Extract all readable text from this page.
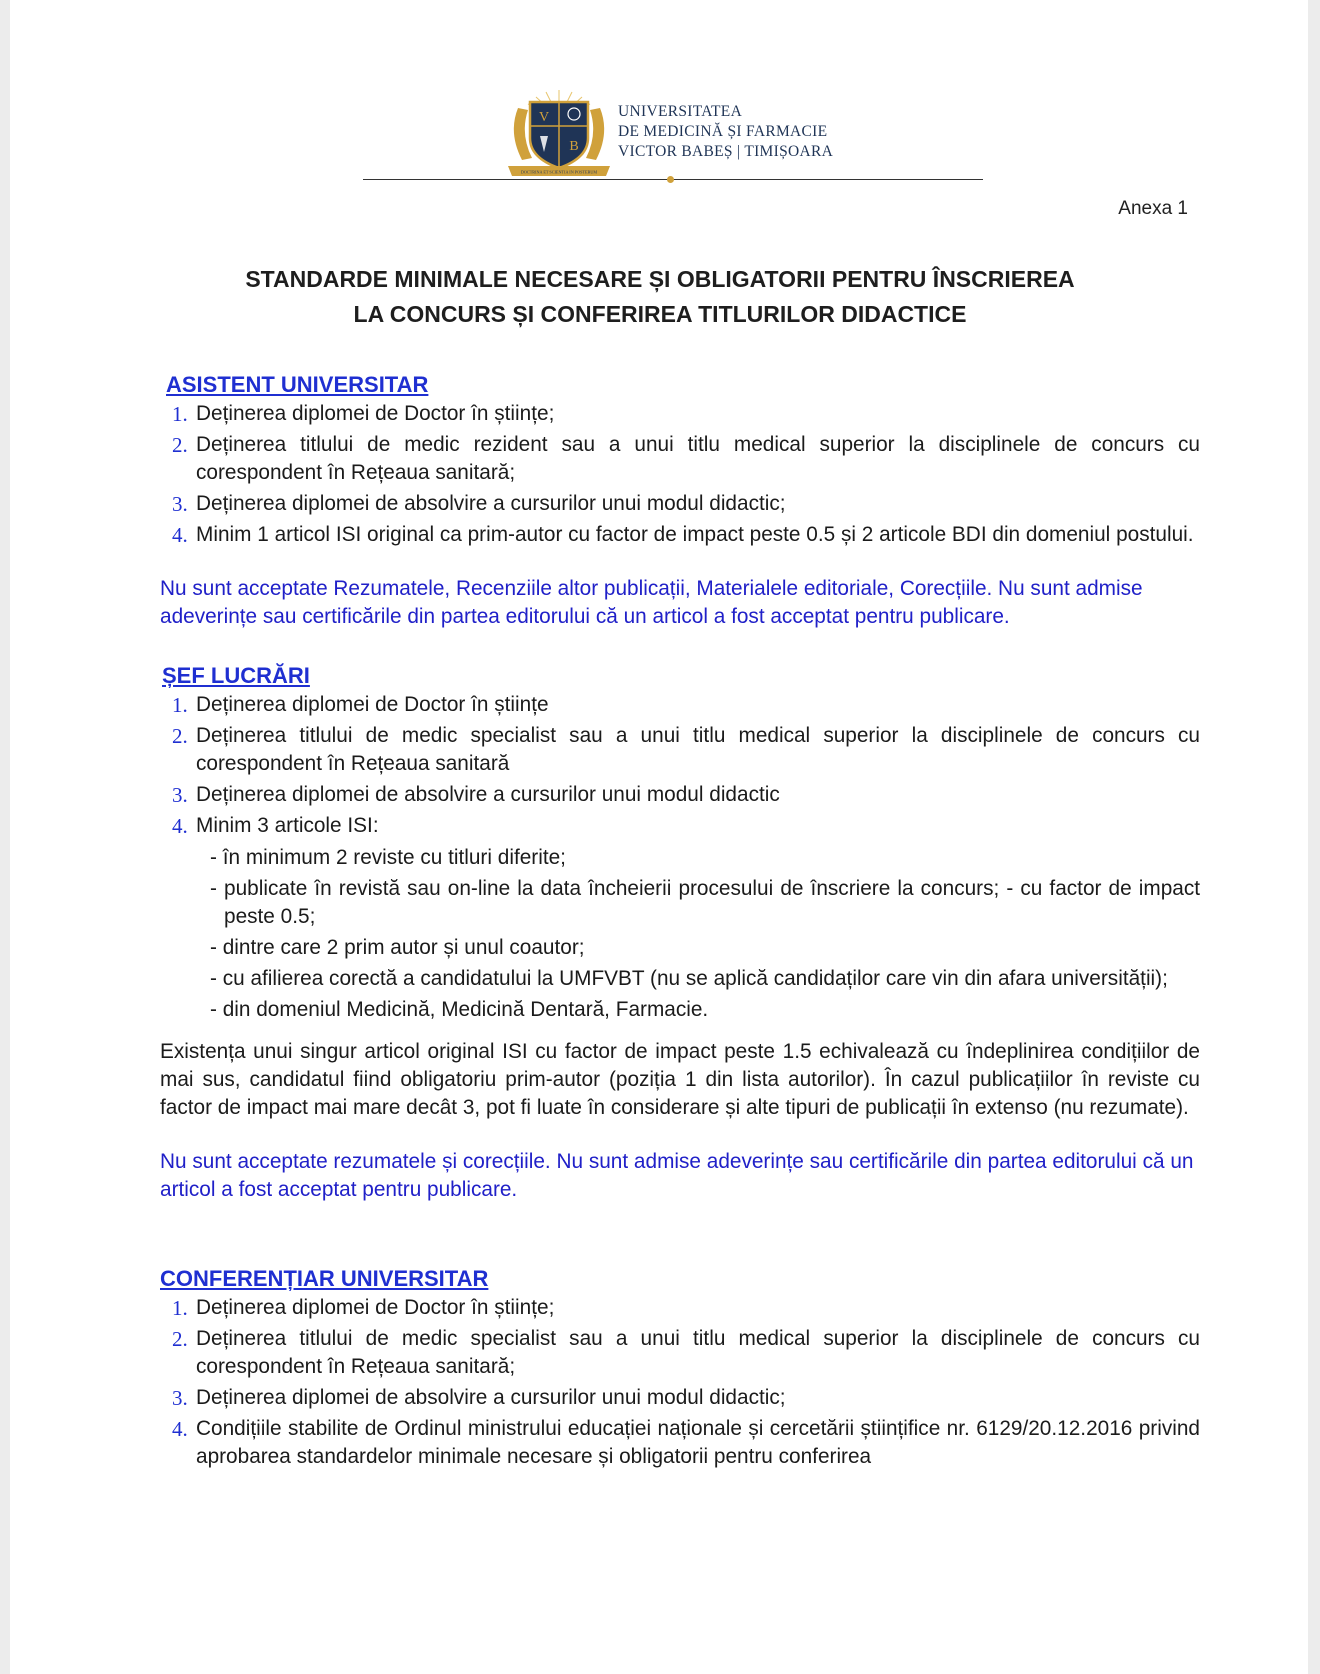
V
B
DOCTRINA ET SCIENTIA IN POSTERUM
UNIVERSITATEA
DE MEDICINĂ ȘI FARMACIE
VICTOR BABEȘ | TIMIȘOARA
Anexa 1
STANDARDE MINIMALE NECESARE ȘI OBLIGATORII PENTRU ÎNSCRIEREA
LA CONCURS ȘI CONFERIREA TITLURILOR DIDACTICE
ASISTENT UNIVERSITAR
1. Deținerea diplomei de Doctor în științe;
2. Deținerea titlului de medic rezident sau a unui titlu medical superior la disciplinele de concurs cu corespondent în Rețeaua sanitară;
3. Deținerea diplomei de absolvire a cursurilor unui modul didactic;
4. Minim 1 articol ISI original ca prim-autor cu factor de impact peste 0.5 și 2 articole BDI din domeniul postului.

Nu sunt acceptate Rezumatele, Recenziile altor publicații, Materialele editoriale, Corecțiile. Nu sunt admise adeverințe sau certificările din partea editorului că un articol a fost acceptat pentru publicare.

ȘEF LUCRĂRI
1. Deținerea diplomei de Doctor în științe
2. Deținerea titlului de medic specialist sau a unui titlu medical superior la disciplinele de concurs cu corespondent în Rețeaua sanitară
3. Deținerea diplomei de absolvire a cursurilor unui modul didactic
4. Minim 3 articole ISI:
- în minimum 2 reviste cu titluri diferite;
- publicate în revistă sau on-line la data încheierii procesului de înscriere la concurs; - cu factor de impact peste 0.5;
- dintre care 2 prim autor și unul coautor;
- cu afilierea corectă a candidatului la UMFVBT (nu se aplică candidaților care vin din afara universității);
- din domeniul Medicină, Medicină Dentară, Farmacie.

Existența unui singur articol original ISI cu factor de impact peste 1.5 echivalează cu îndeplinirea condițiilor de mai sus, candidatul fiind obligatoriu prim-autor (poziția 1 din lista autorilor). În cazul publicațiilor în reviste cu factor de impact mai mare decât 3, pot fi luate în considerare și alte tipuri de publicații în extenso (nu rezumate).

Nu sunt acceptate rezumatele și corecțiile. Nu sunt admise adeverințe sau certificările din partea editorului că un articol a fost acceptat pentru publicare.

CONFERENȚIAR UNIVERSITAR
1. Deținerea diplomei de Doctor în științe;
2. Deținerea titlului de medic specialist sau a unui titlu medical superior la disciplinele de concurs cu corespondent în Rețeaua sanitară;
3. Deținerea diplomei de absolvire a cursurilor unui modul didactic;
4. Condițiile stabilite de Ordinul ministrului educației naționale și cercetării științifice nr. 6129/20.12.2016 privind aprobarea standardelor minimale necesare și obligatorii pentru conferirea
